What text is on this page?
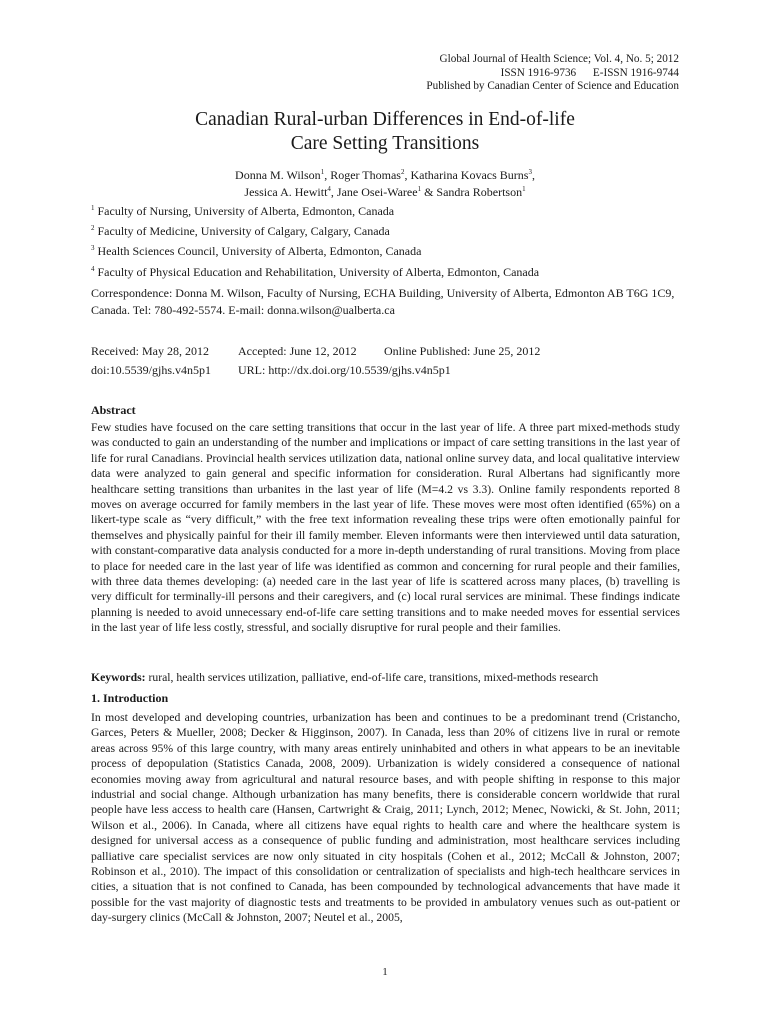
Global Journal of Health Science; Vol. 4, No. 5; 2012
ISSN 1916-9736      E-ISSN 1916-9744
Published by Canadian Center of Science and Education
Canadian Rural-urban Differences in End-of-life
Care Setting Transitions
Donna M. Wilson$^1$, Roger Thomas$^2$, Katharina Kovacs Burns$^3$,
Jessica A. Hewitt$^4$, Jane Osei-Waree$^1$ & Sandra Robertson$^1$
$^1$ Faculty of Nursing, University of Alberta, Edmonton, Canada
$^2$ Faculty of Medicine, University of Calgary, Calgary, Canada
$^3$ Health Sciences Council, University of Alberta, Edmonton, Canada
$^4$ Faculty of Physical Education and Rehabilitation, University of Alberta, Edmonton, Canada
Correspondence: Donna M. Wilson, Faculty of Nursing, ECHA Building, University of Alberta, Edmonton AB T6G 1C9, Canada. Tel: 780-492-5574. E-mail: donna.wilson@ualberta.ca
Received: May 28, 2012 Accepted: June 12, 2012 Online Published: June 25, 2012
doi:10.5539/gjhs.v4n5p1 URL: http://dx.doi.org/10.5539/gjhs.v4n5p1
Abstract
Few studies have focused on the care setting transitions that occur in the last year of life. A three part mixed-methods study was conducted to gain an understanding of the number and implications or impact of care setting transitions in the last year of life for rural Canadians. Provincial health services utilization data, national online survey data, and local qualitative interview data were analyzed to gain general and specific information for consideration. Rural Albertans had significantly more healthcare setting transitions than urbanites in the last year of life (M=4.2 vs 3.3). Online family respondents reported 8 moves on average occurred for family members in the last year of life. These moves were most often identified (65%) on a likert-type scale as “very difficult,” with the free text information revealing these trips were often emotionally painful for themselves and physically painful for their ill family member. Eleven informants were then interviewed until data saturation, with constant-comparative data analysis conducted for a more in-depth understanding of rural transitions. Moving from place to place for needed care in the last year of life was identified as common and concerning for rural people and their families, with three data themes developing: (a) needed care in the last year of life is scattered across many places, (b) travelling is very difficult for terminally-ill persons and their caregivers, and (c) local rural services are minimal. These findings indicate planning is needed to avoid unnecessary end-of-life care setting transitions and to make needed moves for essential services in the last year of life less costly, stressful, and socially disruptive for rural people and their families.
Keywords: rural, health services utilization, palliative, end-of-life care, transitions, mixed-methods research
1. Introduction
In most developed and developing countries, urbanization has been and continues to be a predominant trend (Cristancho, Garces, Peters & Mueller, 2008; Decker & Higginson, 2007). In Canada, less than 20% of citizens live in rural or remote areas across 95% of this large country, with many areas entirely uninhabited and others in what appears to be an inevitable process of depopulation (Statistics Canada, 2008, 2009). Urbanization is widely considered a consequence of national economies moving away from agricultural and natural resource bases, and with people shifting in response to this major industrial and social change. Although urbanization has many benefits, there is considerable concern worldwide that rural people have less access to health care (Hansen, Cartwright & Craig, 2011; Lynch, 2012; Menec, Nowicki, & St. John, 2011; Wilson et al., 2006). In Canada, where all citizens have equal rights to health care and where the healthcare system is designed for universal access as a consequence of public funding and administration, most healthcare services including palliative care specialist services are now only situated in city hospitals (Cohen et al., 2012; McCall & Johnston, 2007; Robinson et al., 2010). The impact of this consolidation or centralization of specialists and high-tech healthcare services in cities, a situation that is not confined to Canada, has been compounded by technological advancements that have made it possible for the vast majority of diagnostic tests and treatments to be provided in ambulatory venues such as out-patient or day-surgery clinics (McCall & Johnston, 2007; Neutel et al., 2005,
1
